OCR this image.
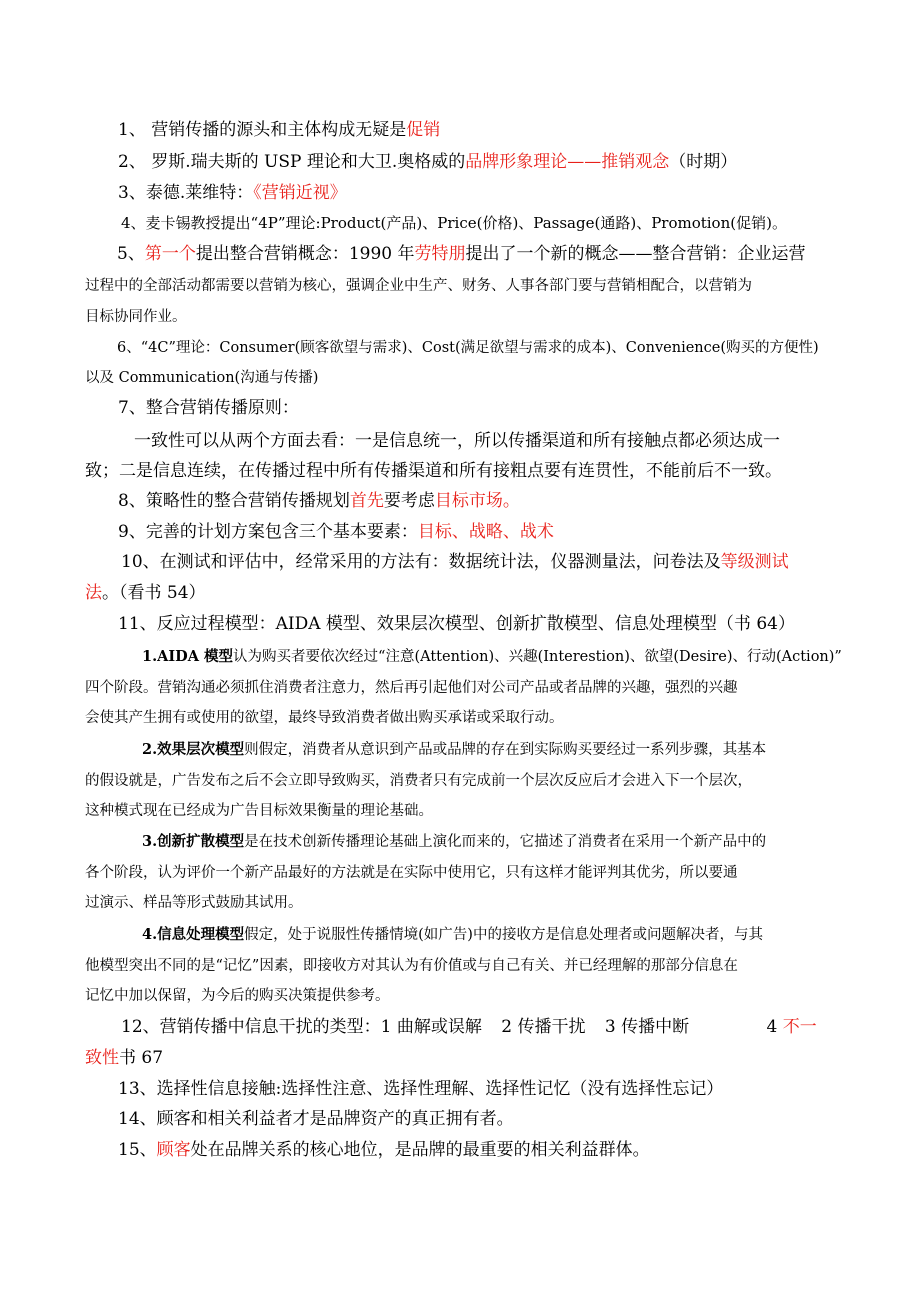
1、 营销传播的源头和主体构成无疑是促销
2、 罗斯.瑞夫斯的 USP 理论和大卫.奥格威的品牌形象理论——推销观念（时期）
3、泰德.莱维特：《营销近视》
4、麦卡锡教授提出“4P”理论:Product(产品)、Price(价格)、Passage(通路)、Promotion(促销)。
5、第一个提出整合营销概念：1990 年劳特朋提出了一个新的概念——整合营销：企业运营
过程中的全部活动都需要以营销为核心，强调企业中生产、财务、人事各部门要与营销相配合，以营销为
目标协同作业。
6、“4C”理论：Consumer(顾客欲望与需求)、Cost(满足欲望与需求的成本)、Convenience(购买的方便性)
以及 Communication(沟通与传播)
7、整合营销传播原则：
一致性可以从两个方面去看：一是信息统一，所以传播渠道和所有接触点都必须达成一
致；二是信息连续，在传播过程中所有传播渠道和所有接粗点要有连贯性，不能前后不一致。
8、策略性的整合营销传播规划首先要考虑目标市场。
9、完善的计划方案包含三个基本要素：目标、战略、战术
10、在测试和评估中，经常采用的方法有：数据统计法，仪器测量法，问卷法及等级测试
法。（看书 54）
11、反应过程模型：AIDA 模型、效果层次模型、创新扩散模型、信息处理模型（书 64）
1.AIDA 模型认为购买者要依次经过“注意(Attention)、兴趣(Interestion)、欲望(Desire)、行动(Action)”
四个阶段。营销沟通必须抓住消费者注意力，然后再引起他们对公司产品或者品牌的兴趣，强烈的兴趣
会使其产生拥有或使用的欲望，最终导致消费者做出购买承诺或采取行动。
2.效果层次模型则假定，消费者从意识到产品或品牌的存在到实际购买要经过一系列步骤，其基本
的假设就是，广告发布之后不会立即导致购买，消费者只有完成前一个层次反应后才会进入下一个层次，
这种模式现在已经成为广告目标效果衡量的理论基础。
3.创新扩散模型是在技术创新传播理论基础上演化而来的，它描述了消费者在采用一个新产品中的
各个阶段，认为评价一个新产品最好的方法就是在实际中使用它，只有这样才能评判其优劣，所以要通
过演示、样品等形式鼓励其试用。
4.信息处理模型假定，处于说服性传播情境(如广告)中的接收方是信息处理者或问题解决者，与其
他模型突出不同的是“记忆”因素，即接收方对其认为有价值或与自己有关、并已经理解的那部分信息在
记忆中加以保留，为今后的购买决策提供参考。
12、营销传播中信息干扰的类型：1 曲解或误解 2 传播干扰 3 传播中断	4 不一
致性书 67
13、选择性信息接触:选择性注意、选择性理解、选择性记忆（没有选择性忘记）
14、顾客和相关利益者才是品牌资产的真正拥有者。
15、顾客处在品牌关系的核心地位，是品牌的最重要的相关利益群体。
